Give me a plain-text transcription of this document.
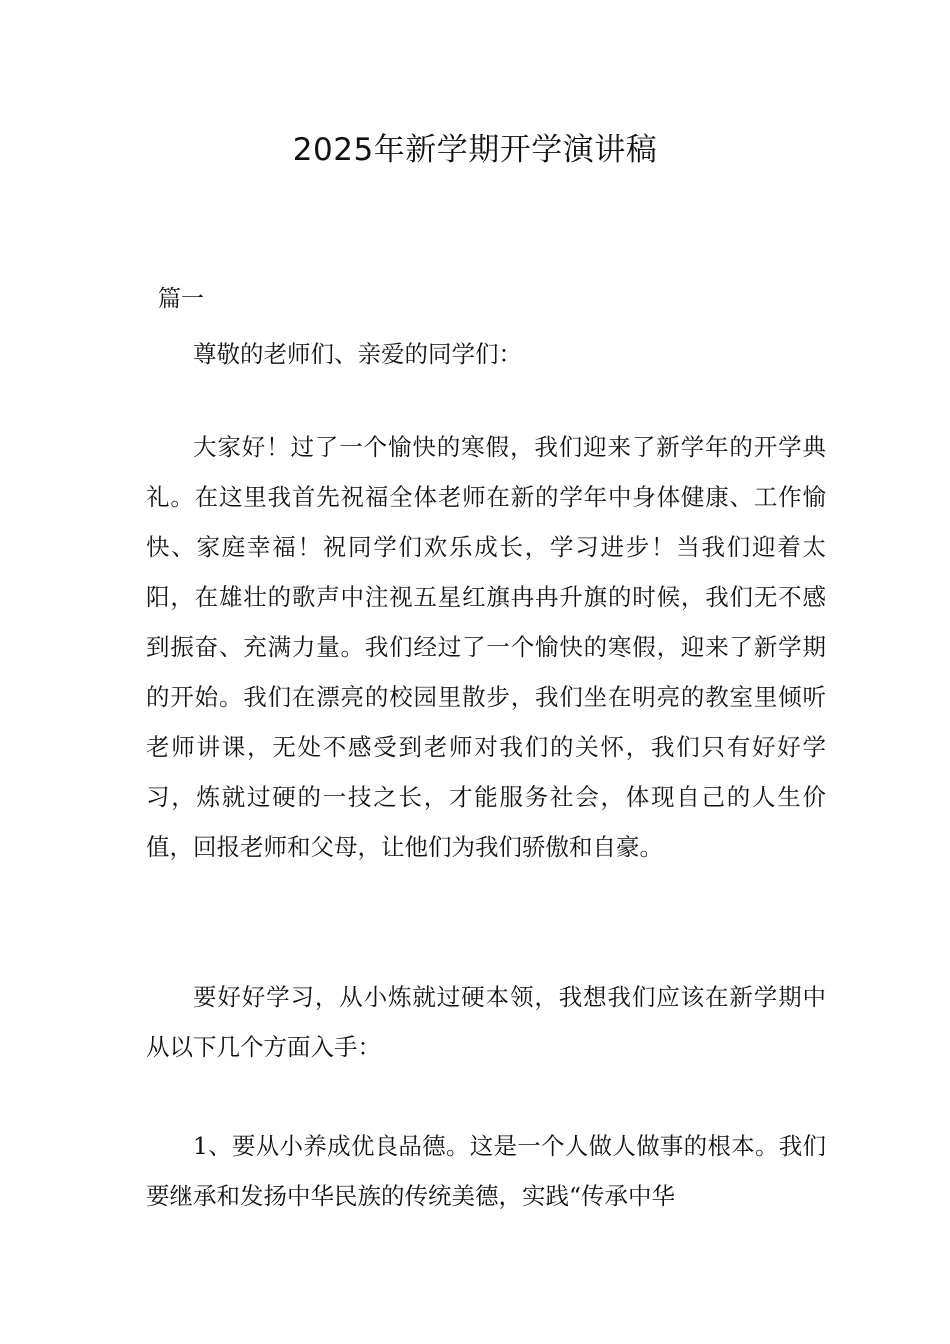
2025年新学期开学演讲稿

篇一

尊敬的老师们、亲爱的同学们：

大家好！过了一个愉快的寒假，我们迎来了新学年的开学典礼。在这里我首先祝福全体老师在新的学年中身体健康、工作愉快、家庭幸福！祝同学们欢乐成长，学习进步！当我们迎着太阳，在雄壮的歌声中注视五星红旗冉冉升旗的时候，我们无不感到振奋、充满力量。我们经过了一个愉快的寒假，迎来了新学期的开始。我们在漂亮的校园里散步，我们坐在明亮的教室里倾听老师讲课，无处不感受到老师对我们的关怀，我们只有好好学习，炼就过硬的一技之长，才能服务社会，体现自己的人生价值，回报老师和父母，让他们为我们骄傲和自豪。

要好好学习，从小炼就过硬本领，我想我们应该在新学期中从以下几个方面入手：

1、要从小养成优良品德。这是一个人做人做事的根本。我们要继承和发扬中华民族的传统美德，实践“传承中华
